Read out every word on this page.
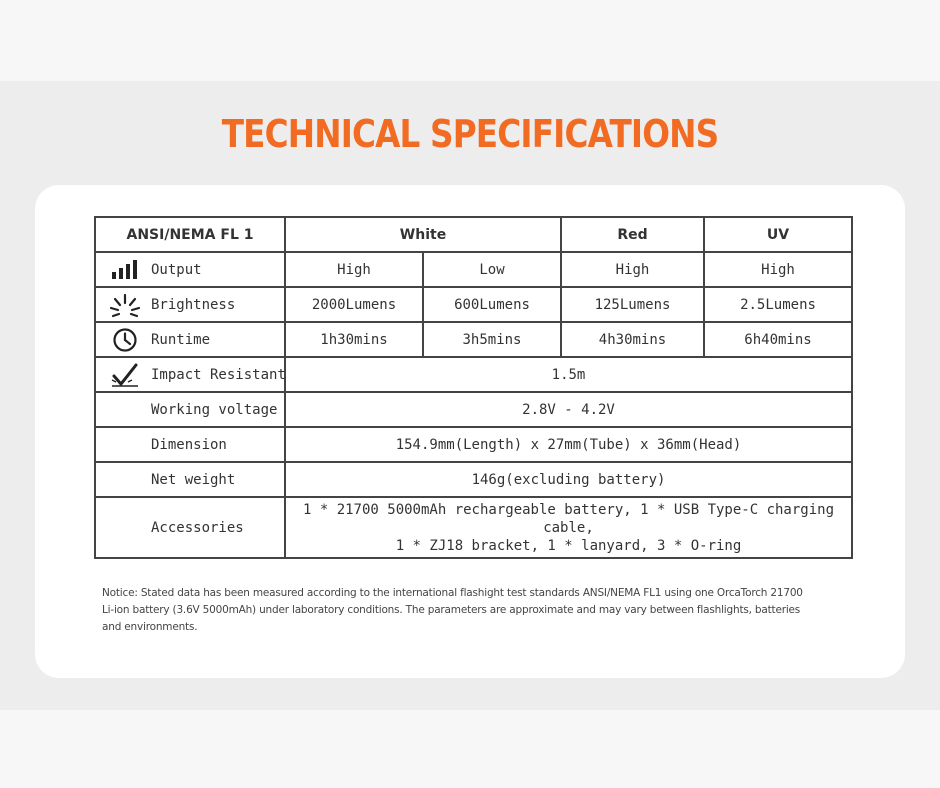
TECHNICAL SPECIFICATIONS
ANSI/NEMA FL 1	White		Red	UV

Output	High	Low	High	High

Brightness	2000Lumens	600Lumens	125Lumens	2.5Lumens

Runtime	1h30mins	3h5mins	4h30mins	6h40mins

Impact Resistant	1.5m			

Working voltage	2.8V - 4.2V			

Dimension	154.9mm(Length) x 27mm(Tube) x 36mm(Head)			

Net weight	146g(excluding battery)			

Accessories	1 * 21700 5000mAh rechargeable battery, 1 * USB Type-C charging cable,
1 * ZJ18 bracket, 1 * lanyard, 3 * O-ring			
Notice: Stated data has been measured according to the international flashight test standards ANSI/NEMA FL1 using one OrcaTorch 21700
Li-ion battery (3.6V 5000mAh) under laboratory conditions. The parameters are approximate and may vary between flashlights, batteries
and environments.
